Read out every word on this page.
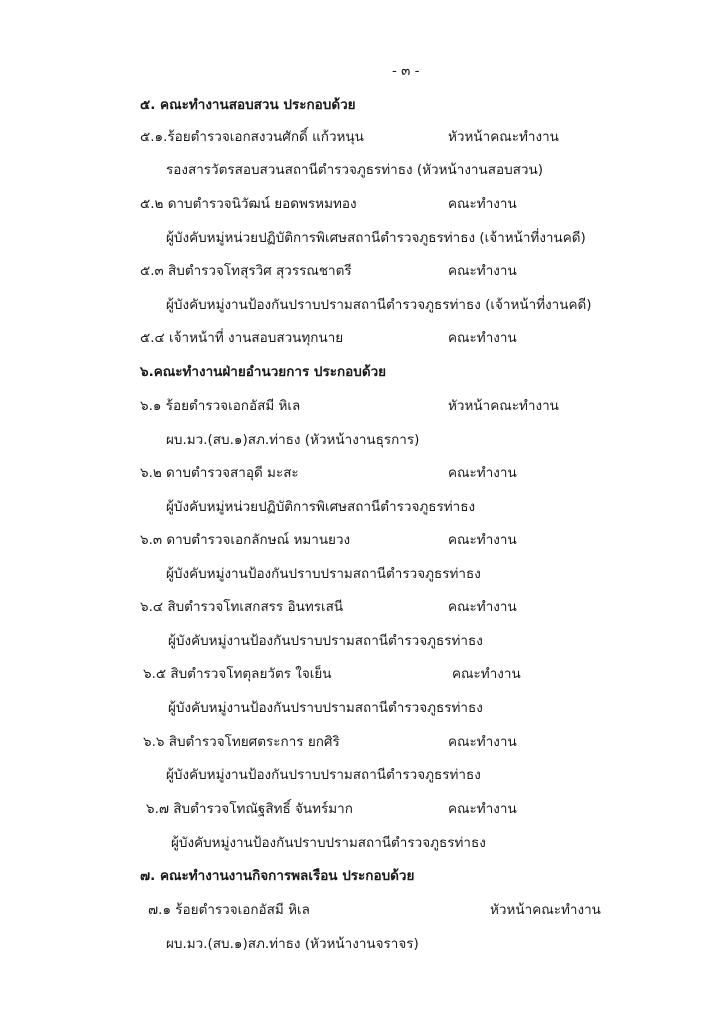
- ๓ -
๕. คณะทำงานสอบสวน ประกอบด้วย
๕.๑.ร้อยตำรวจเอกสงวนศักดิ์ แก้วหนุน	หัวหน้าคณะทำงาน
รองสารวัตรสอบสวนสถานีตำรวจภูธรท่าธง (หัวหน้างานสอบสวน)
๕.๒ ดาบตำรวจนิวัฒน์ ยอดพรหมทอง	คณะทำงาน
ผู้บังคับหมู่หน่วยปฏิบัติการพิเศษสถานีตำรวจภูธรท่าธง (เจ้าหน้าที่งานคดี)
๕.๓ สิบตำรวจโทสุรวิศ สุวรรณชาตรี	คณะทำงาน
ผู้บังคับหมู่งานป้องกันปราบปรามสถานีตำรวจภูธรท่าธง (เจ้าหน้าที่งานคดี)
๕.๔ เจ้าหน้าที่ งานสอบสวนทุกนาย	คณะทำงาน
๖.คณะทำงานฝ่ายอำนวยการ ประกอบด้วย
๖.๑ ร้อยตำรวจเอกอัสมี หิเล	หัวหน้าคณะทำงาน
ผบ.มว.(สบ.๑)สภ.ท่าธง (หัวหน้างานธุรการ)
๖.๒ ดาบตำรวจสาอุดี มะสะ	คณะทำงาน
ผู้บังคับหมู่หน่วยปฏิบัติการพิเศษสถานีตำรวจภูธรท่าธง
๖.๓ ดาบตำรวจเอกลักษณ์ หมานยวง	คณะทำงาน
ผู้บังคับหมู่งานป้องกันปราบปรามสถานีตำรวจภูธรท่าธง
๖.๔ สิบตำรวจโทเสกสรร อินทรเสนี	คณะทำงาน
ผู้บังคับหมู่งานป้องกันปราบปรามสถานีตำรวจภูธรท่าธง
๖.๕ สิบตำรวจโทตุลยวัตร ใจเย็น	คณะทำงาน
ผู้บังคับหมู่งานป้องกันปราบปรามสถานีตำรวจภูธรท่าธง
๖.๖ สิบตำรวจโทยศตระการ ยกศิริ	คณะทำงาน
ผู้บังคับหมู่งานป้องกันปราบปรามสถานีตำรวจภูธรท่าธง
๖.๗ สิบตำรวจโทณัฐสิทธิ์ จันทร์มาก	คณะทำงาน
ผู้บังคับหมู่งานป้องกันปราบปรามสถานีตำรวจภูธรท่าธง
๗. คณะทำงานงานกิจการพลเรือน ประกอบด้วย
๗.๑ ร้อยตำรวจเอกอัสมี หิเล	หัวหน้าคณะทำงาน
ผบ.มว.(สบ.๑)สภ.ท่าธง (หัวหน้างานจราจร)
